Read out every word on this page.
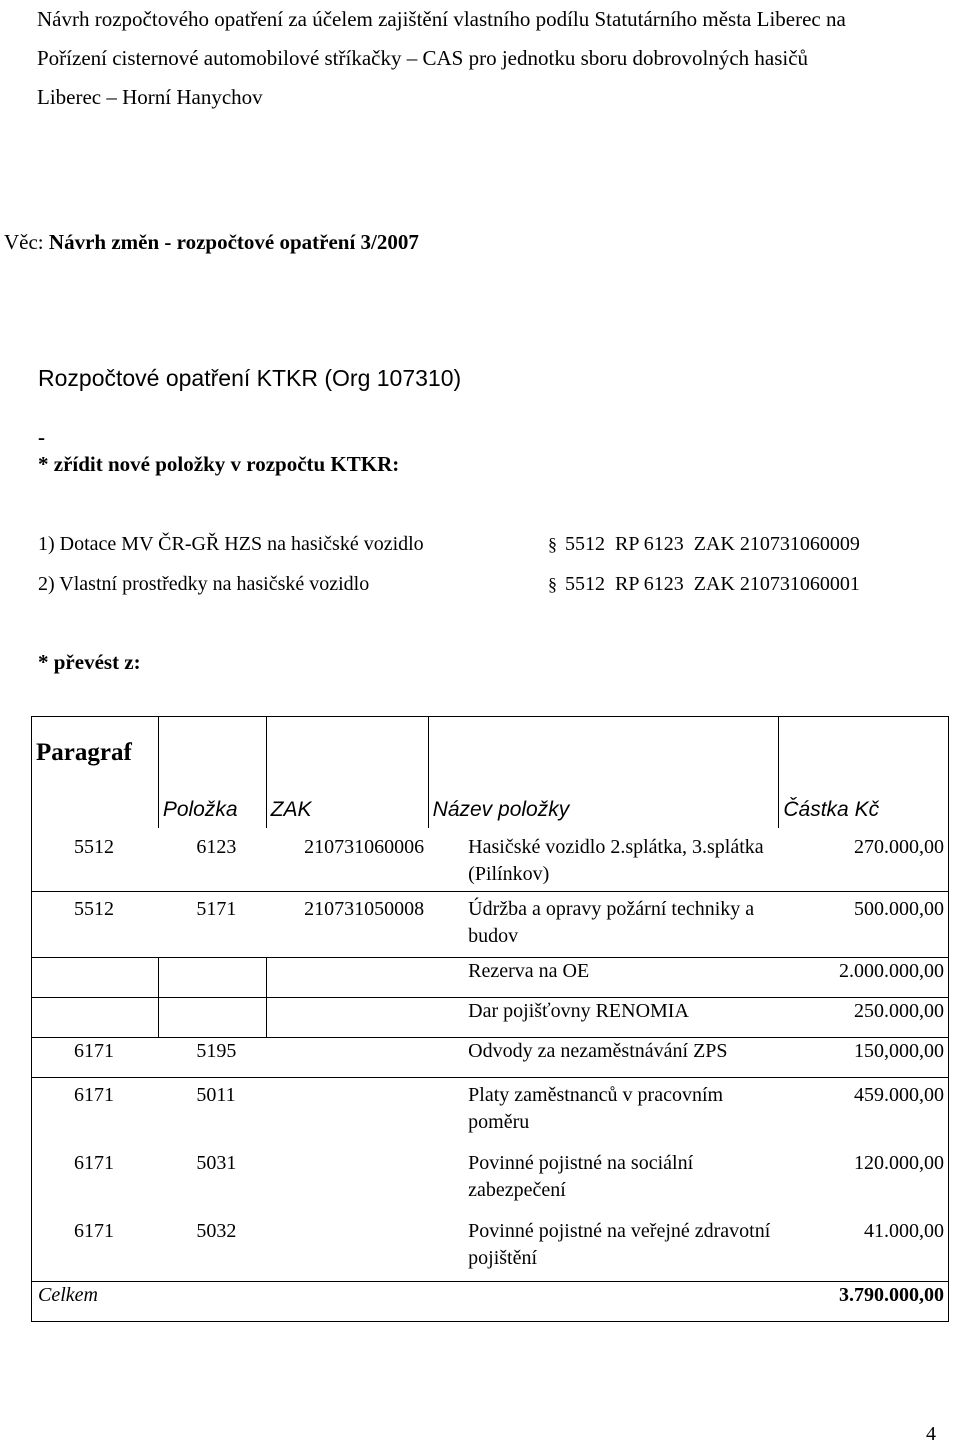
Návrh rozpočtového opatření za účelem zajištění vlastního podílu Statutárního města Liberec na
Pořízení cisternové automobilové stříkačky – CAS pro jednotku sboru dobrovolných hasičů
Liberec – Horní Hanychov
Věc: Návrh změn - rozpočtové opatření 3/2007
Rozpočtové opatření KTKR (Org 107310)
-
* zřídit nové položky v rozpočtu KTKR:
1) Dotace MV ČR-GŘ HZS na hasičské vozidlo	§ 5512  RP 6123  ZAK 210731060009
2) Vlastní prostředky na hasičské vozidlo	§ 5512  RP 6123  ZAK 210731060001
* převést z:
Paragraf	Položka	ZAK	Název položky	Částka Kč
5512	6123	210731060006	Hasičské vozidlo 2.splátka, 3.splátka (Pilínkov)	270.000,00
5512	5171	210731050008	Údržba a opravy požární techniky a budov	500.000,00
			Rezerva na OE	2.000.000,00
			Dar pojišťovny RENOMIA	250.000,00
6171	5195		Odvody za nezaměstnávání ZPS	150,000,00
6171	5011		Platy zaměstnanců v pracovním poměru	459.000,00
6171	5031		Povinné pojistné na sociální zabezpečení	120.000,00
6171	5032		Povinné pojistné na veřejné zdravotní pojištění	41.000,00
Celkem				3.790.000,00
4
